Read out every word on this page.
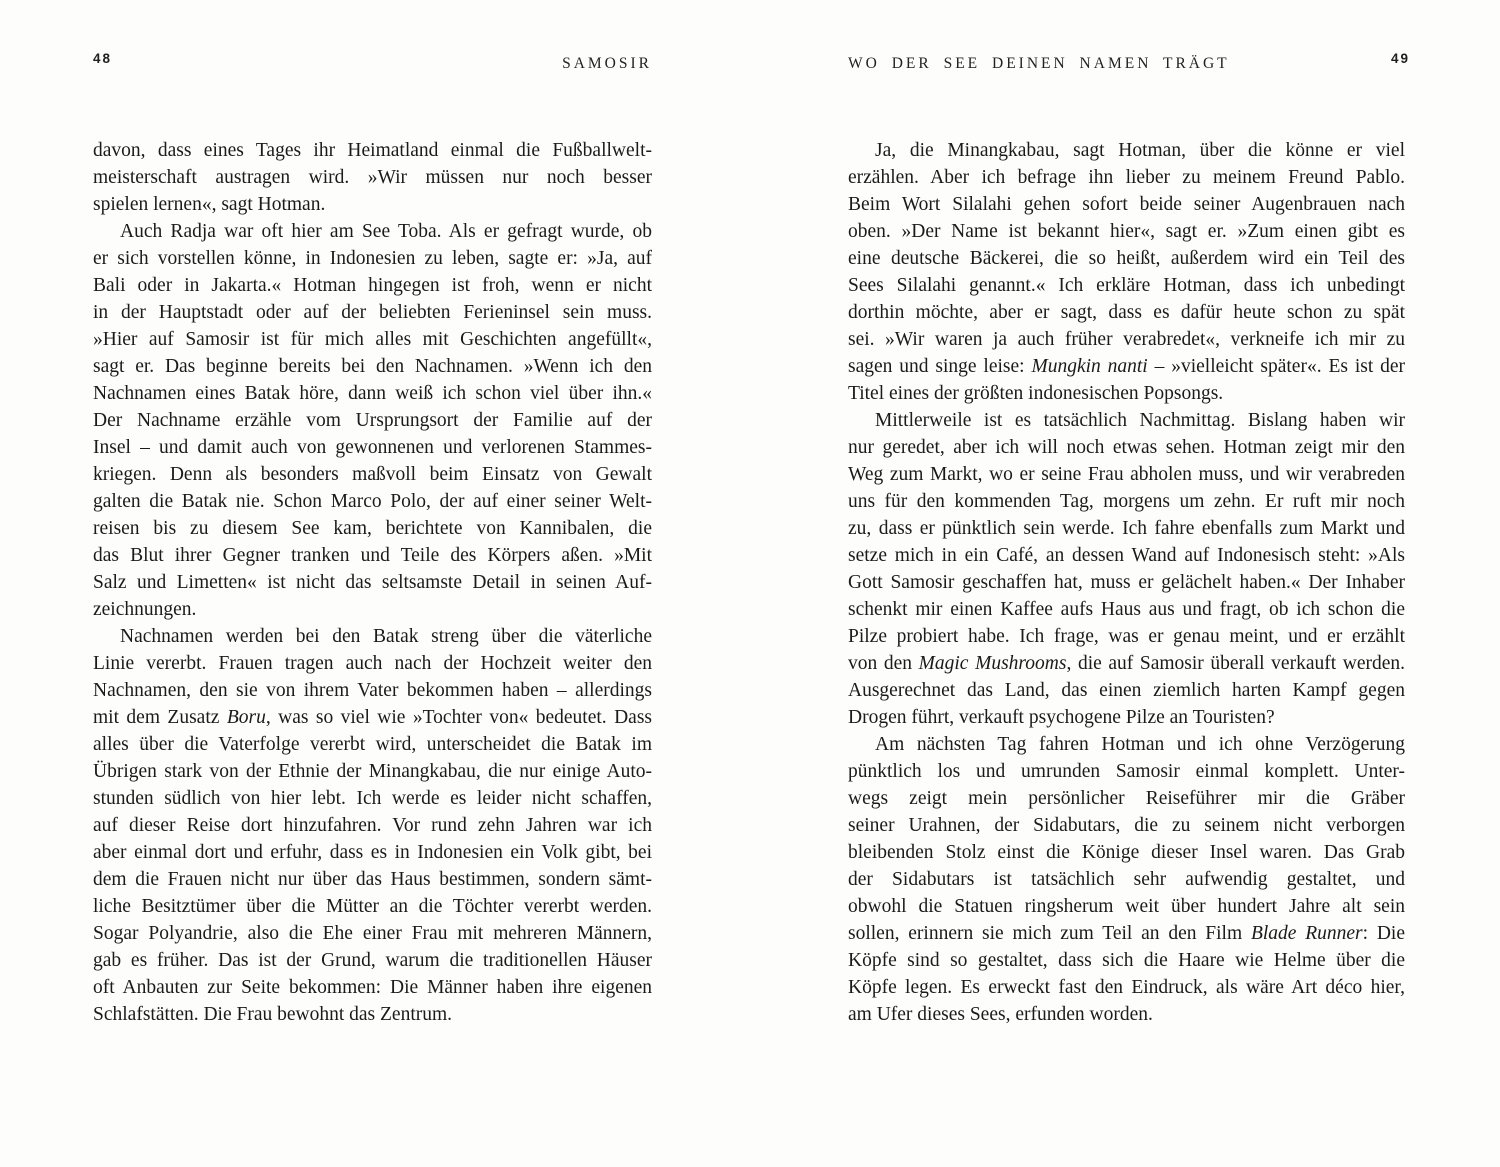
48	SAMOSIR
davon, dass eines Tages ihr Heimatland einmal die Fußballwelt-
meisterschaft austragen wird. »Wir müssen nur noch besser
spielen lernen«, sagt Hotman.
Auch Radja war oft hier am See Toba. Als er gefragt wurde, ob
er sich vorstellen könne, in Indonesien zu leben, sagte er: »Ja, auf
Bali oder in Jakarta.« Hotman hingegen ist froh, wenn er nicht
in der Hauptstadt oder auf der beliebten Ferieninsel sein muss.
»Hier auf Samosir ist für mich alles mit Geschichten angefüllt«,
sagt er. Das beginne bereits bei den Nachnamen. »Wenn ich den
Nachnamen eines Batak höre, dann weiß ich schon viel über ihn.«
Der Nachname erzähle vom Ursprungsort der Familie auf der
Insel – und damit auch von gewonnenen und verlorenen Stammes-
kriegen. Denn als besonders maßvoll beim Einsatz von Gewalt
galten die Batak nie. Schon Marco Polo, der auf einer seiner Welt-
reisen bis zu diesem See kam, berichtete von Kannibalen, die
das Blut ihrer Gegner tranken und Teile des Körpers aßen. »Mit
Salz und Limetten« ist nicht das seltsamste Detail in seinen Auf-
zeichnungen.
Nachnamen werden bei den Batak streng über die väterliche
Linie vererbt. Frauen tragen auch nach der Hochzeit weiter den
Nachnamen, den sie von ihrem Vater bekommen haben – allerdings
mit dem Zusatz Boru, was so viel wie »Tochter von« bedeutet. Dass
alles über die Vaterfolge vererbt wird, unterscheidet die Batak im
Übrigen stark von der Ethnie der Minangkabau, die nur einige Auto-
stunden südlich von hier lebt. Ich werde es leider nicht schaffen,
auf dieser Reise dort hinzufahren. Vor rund zehn Jahren war ich
aber einmal dort und erfuhr, dass es in Indonesien ein Volk gibt, bei
dem die Frauen nicht nur über das Haus bestimmen, sondern sämt-
liche Besitztümer über die Mütter an die Töchter vererbt werden.
Sogar Polyandrie, also die Ehe einer Frau mit mehreren Männern,
gab es früher. Das ist der Grund, warum die traditionellen Häuser
oft Anbauten zur Seite bekommen: Die Männer haben ihre eigenen
Schlafstätten. Die Frau bewohnt das Zentrum.
WO DER SEE DEINEN NAMEN TRÄGT	49
Ja, die Minangkabau, sagt Hotman, über die könne er viel
erzählen. Aber ich befrage ihn lieber zu meinem Freund Pablo.
Beim Wort Silalahi gehen sofort beide seiner Augenbrauen nach
oben. »Der Name ist bekannt hier«, sagt er. »Zum einen gibt es
eine deutsche Bäckerei, die so heißt, außerdem wird ein Teil des
Sees Silalahi genannt.« Ich erkläre Hotman, dass ich unbedingt
dorthin möchte, aber er sagt, dass es dafür heute schon zu spät
sei. »Wir waren ja auch früher verabredet«, verkneife ich mir zu
sagen und singe leise: Mungkin nanti – »vielleicht später«. Es ist der
Titel eines der größten indonesischen Popsongs.
Mittlerweile ist es tatsächlich Nachmittag. Bislang haben wir
nur geredet, aber ich will noch etwas sehen. Hotman zeigt mir den
Weg zum Markt, wo er seine Frau abholen muss, und wir verabreden
uns für den kommenden Tag, morgens um zehn. Er ruft mir noch
zu, dass er pünktlich sein werde. Ich fahre ebenfalls zum Markt und
setze mich in ein Café, an dessen Wand auf Indonesisch steht: »Als
Gott Samosir geschaffen hat, muss er gelächelt haben.« Der Inhaber
schenkt mir einen Kaffee aufs Haus aus und fragt, ob ich schon die
Pilze probiert habe. Ich frage, was er genau meint, und er erzählt
von den Magic Mushrooms, die auf Samosir überall verkauft werden.
Ausgerechnet das Land, das einen ziemlich harten Kampf gegen
Drogen führt, verkauft psychogene Pilze an Touristen?
Am nächsten Tag fahren Hotman und ich ohne Verzögerung
pünktlich los und umrunden Samosir einmal komplett. Unter-
wegs zeigt mein persönlicher Reiseführer mir die Gräber
seiner Urahnen, der Sidabutars, die zu seinem nicht verborgen
bleibenden Stolz einst die Könige dieser Insel waren. Das Grab
der Sidabutars ist tatsächlich sehr aufwendig gestaltet, und
obwohl die Statuen ringsherum weit über hundert Jahre alt sein
sollen, erinnern sie mich zum Teil an den Film Blade Runner: Die
Köpfe sind so gestaltet, dass sich die Haare wie Helme über die
Köpfe legen. Es erweckt fast den Eindruck, als wäre Art déco hier,
am Ufer dieses Sees, erfunden worden.
